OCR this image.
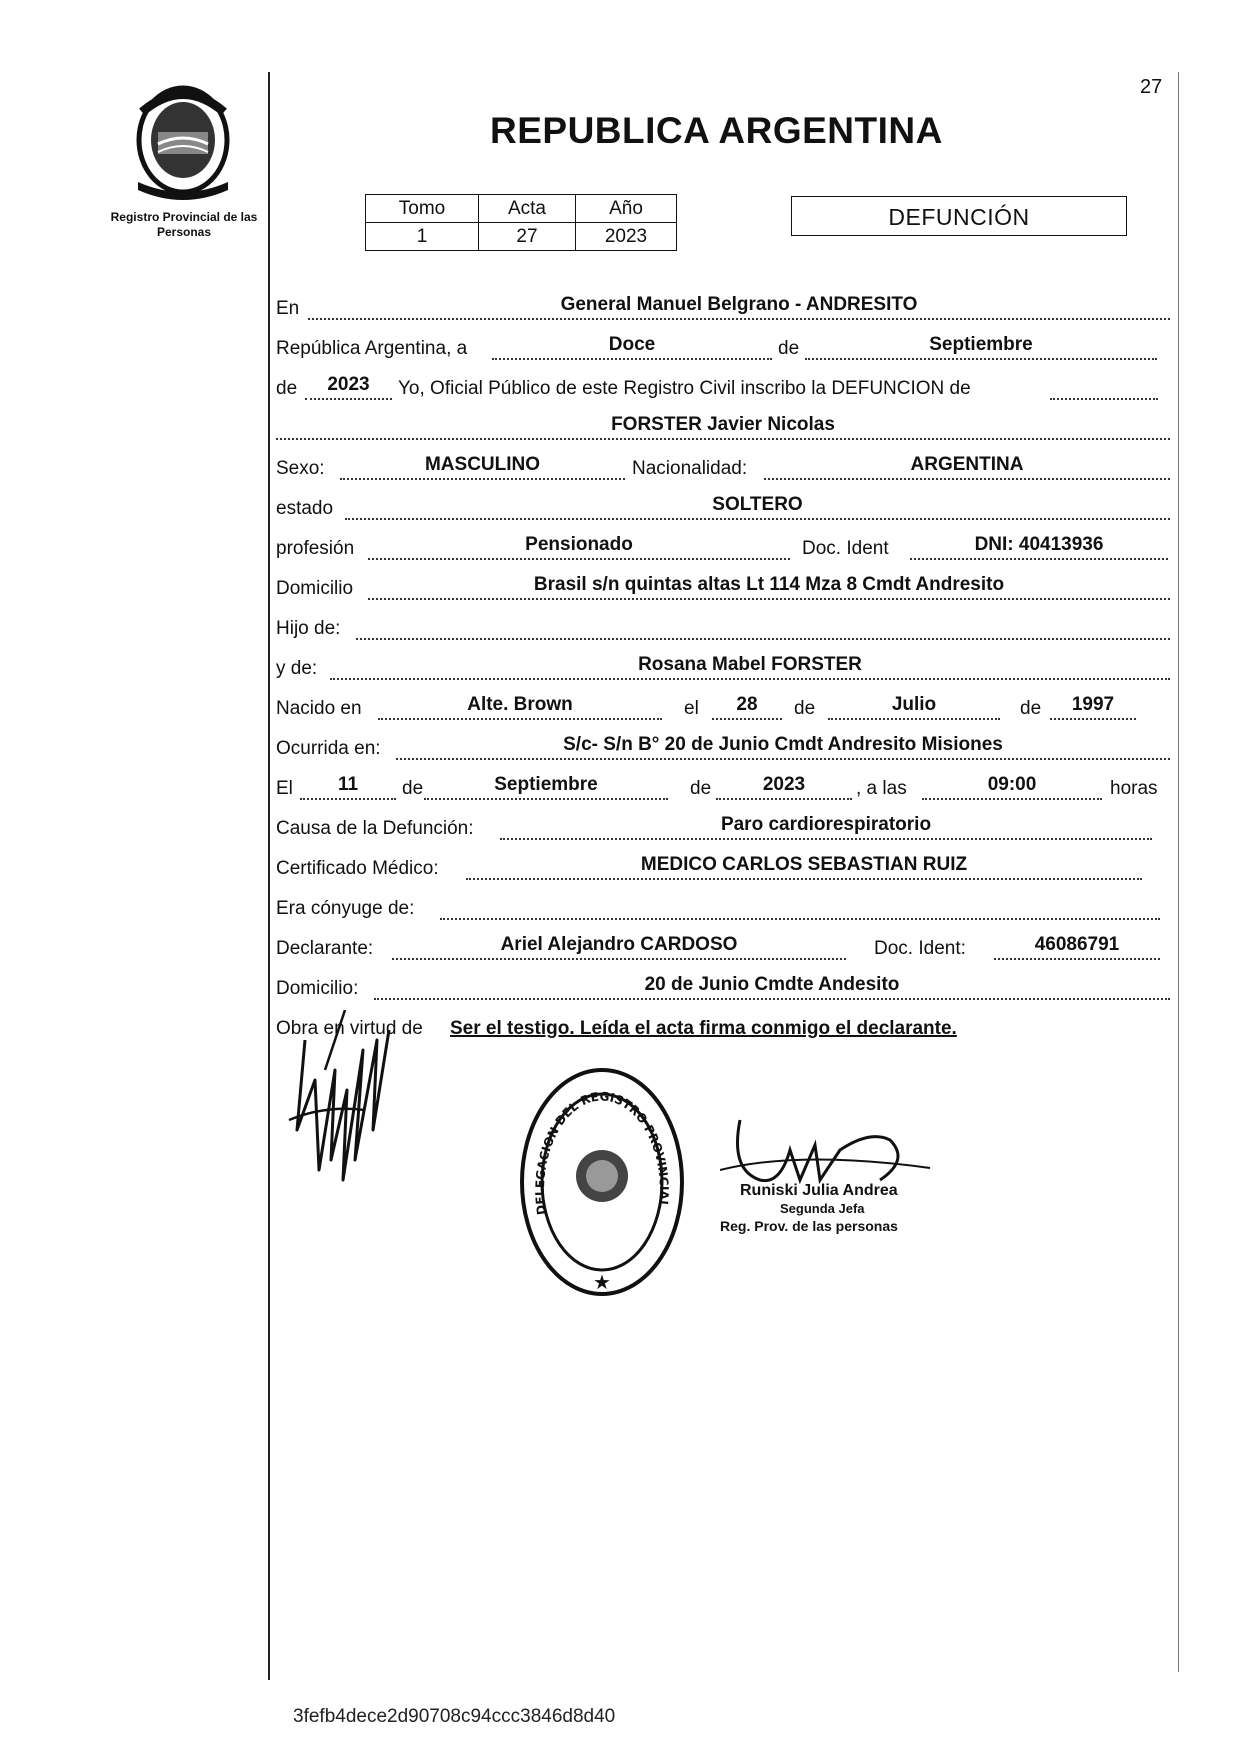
Registro Provincial de las Personas
27
REPUBLICA ARGENTINA
Tomo	Acta	Año
1	27	2023
DEFUNCIÓN
En	General Manuel Belgrano - ANDRESITO
República Argentina, a	Doce	de	Septiembre
de	2023	Yo, Oficial Público de este Registro Civil inscribo la DEFUNCION de
FORSTER Javier Nicolas
Sexo:	MASCULINO	Nacionalidad:	ARGENTINA
estado	SOLTERO
profesión	Pensionado	Doc. Ident	DNI: 40413936
Domicilio	Brasil s/n quintas altas Lt 114 Mza 8 Cmdt Andresito
Hijo de:
y de:	Rosana Mabel FORSTER
Nacido en	Alte. Brown	el	28	de	Julio	de	1997
Ocurrida en:	S/c- S/n B° 20 de Junio Cmdt Andresito Misiones
El	11	de	Septiembre	de	2023	, a las	09:00	horas
Causa de la Defunción:	Paro cardiorespiratorio
Certificado Médico:	MEDICO CARLOS SEBASTIAN RUIZ
Era cónyuge de:
Declarante:	Ariel Alejandro CARDOSO	Doc. Ident:	46086791
Domicilio:	20 de Junio Cmdte Andesito
Obra en virtud de Ser el testigo. Leída el acta firma conmigo el declarante.
DELEGACION DEL REGISTRO PROVINCIAL
★
Runiski Julia Andrea
Segunda Jefa
Reg. Prov. de las personas
3fefb4dece2d90708c94ccc3846d8d40
